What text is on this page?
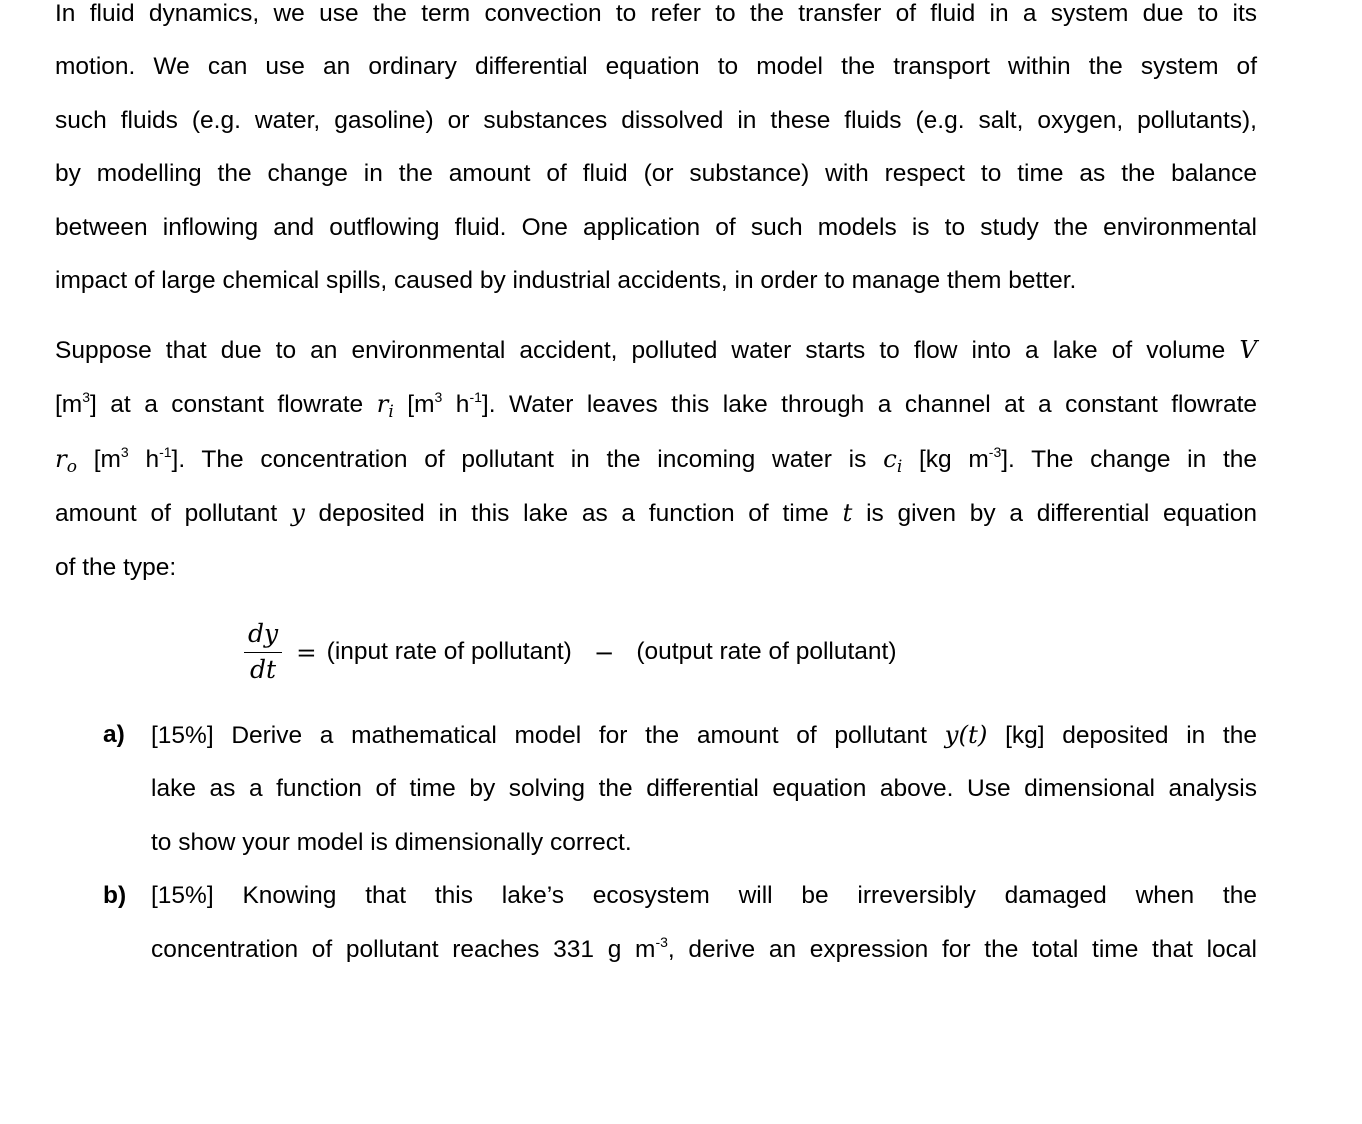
In fluid dynamics, we use the term convection to refer to the transfer of fluid in a system due to its
motion. We can use an ordinary differential equation to model the transport within the system of
such fluids (e.g. water, gasoline) or substances dissolved in these fluids (e.g. salt, oxygen, pollutants),
by modelling the change in the amount of fluid (or substance) with respect to time as the balance
between inflowing and outflowing fluid. One application of such models is to study the environmental
impact of large chemical spills, caused by industrial accidents, in order to manage them better.
Suppose that due to an environmental accident, polluted water starts to flow into a lake of volume V
$[m^3]$ at a constant flowrate $r_i$ [$m^3$ $h^{-1}$]. Water leaves this lake through a channel at a constant flowrate
$r_o$ [$m^3$ $h^{-1}$]. The concentration of pollutant in the incoming water is $c_i$ [kg $m^{-3}$]. The change in the
amount of pollutant y deposited in this lake as a function of time t is given by a differential equation
of the type:
$\frac{dy}{dt}$ = (input rate of pollutant) − (output rate of pollutant)
a) [15%] Derive a mathematical model for the amount of pollutant y(t) [kg] deposited in the
lake as a function of time by solving the differential equation above. Use dimensional analysis
to show your model is dimensionally correct.
b) [15%] Knowing that this lake’s ecosystem will be irreversibly damaged when the
concentration of pollutant reaches 331 g $m^{-3}$, derive an expression for the total time that local
